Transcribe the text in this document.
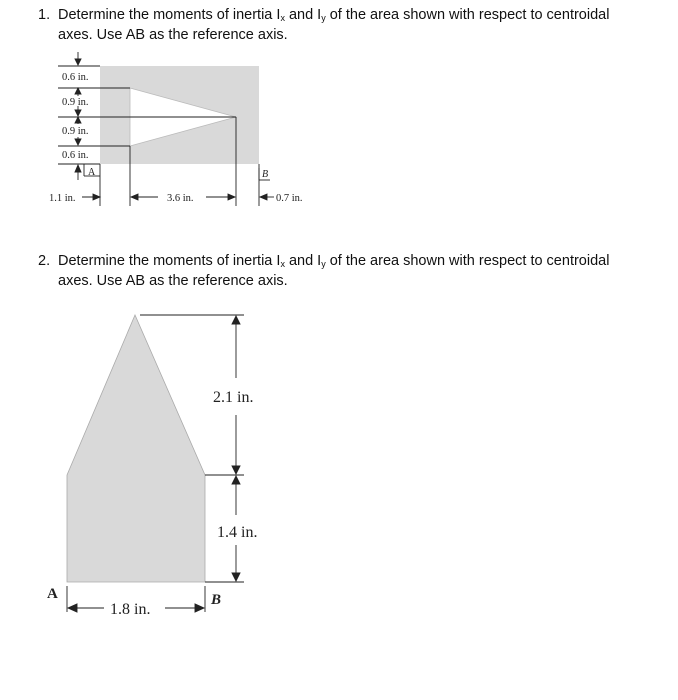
1. Determine the moments of inertia $I_x$ and $I_y$ of the area shown with respect to centroidal axes. Use AB as the reference axis.
0.6 in.
0.9 in.
0.9 in.
0.6 in.
A	B
1.1 in.	3.6 in.	0.7 in.
2. Determine the moments of inertia $I_x$ and $I_y$ of the area shown with respect to centroidal axes. Use AB as the reference axis.
2.1 in.
1.4 in.
1.8 in.
A	B
